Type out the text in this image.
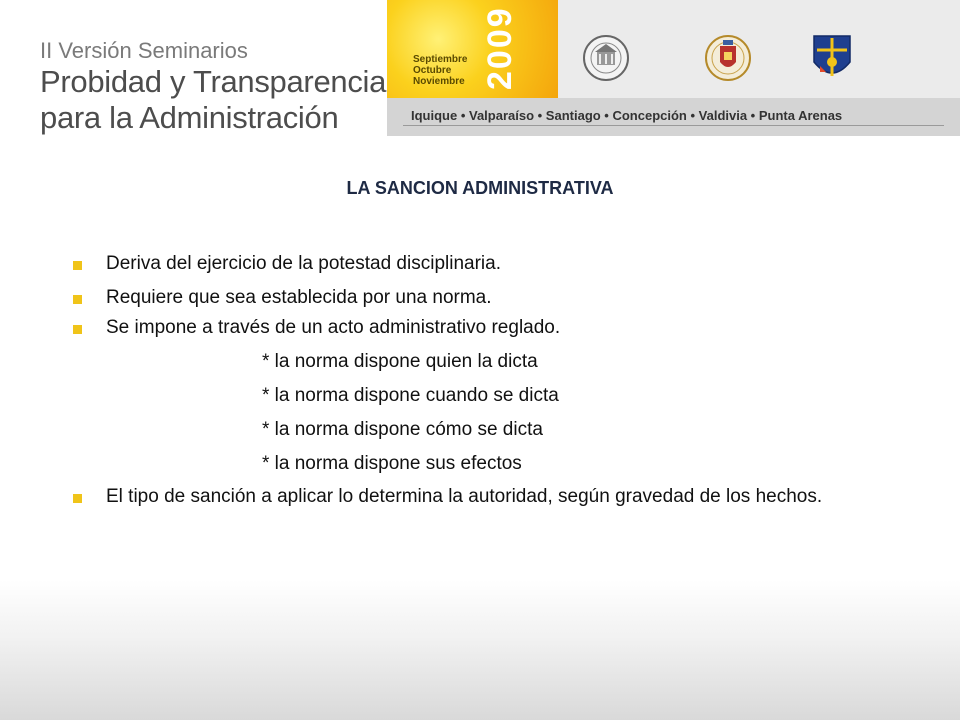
II Versión Seminarios
Probidad y Transparencia
para la Administración
Septiembre
Octubre
Noviembre 2009
Iquique • Valparaíso • Santiago • Concepción • Valdivia • Punta Arenas
LA SANCION ADMINISTRATIVA
Deriva del ejercicio de la potestad disciplinaria.
Requiere que sea establecida por una norma.
Se impone a través de un acto administrativo reglado.
* la norma dispone quien la dicta
* la norma dispone cuando se dicta
* la norma dispone cómo se dicta
* la norma dispone sus efectos
El tipo de sanción a aplicar lo determina la autoridad, según gravedad de los hechos.
